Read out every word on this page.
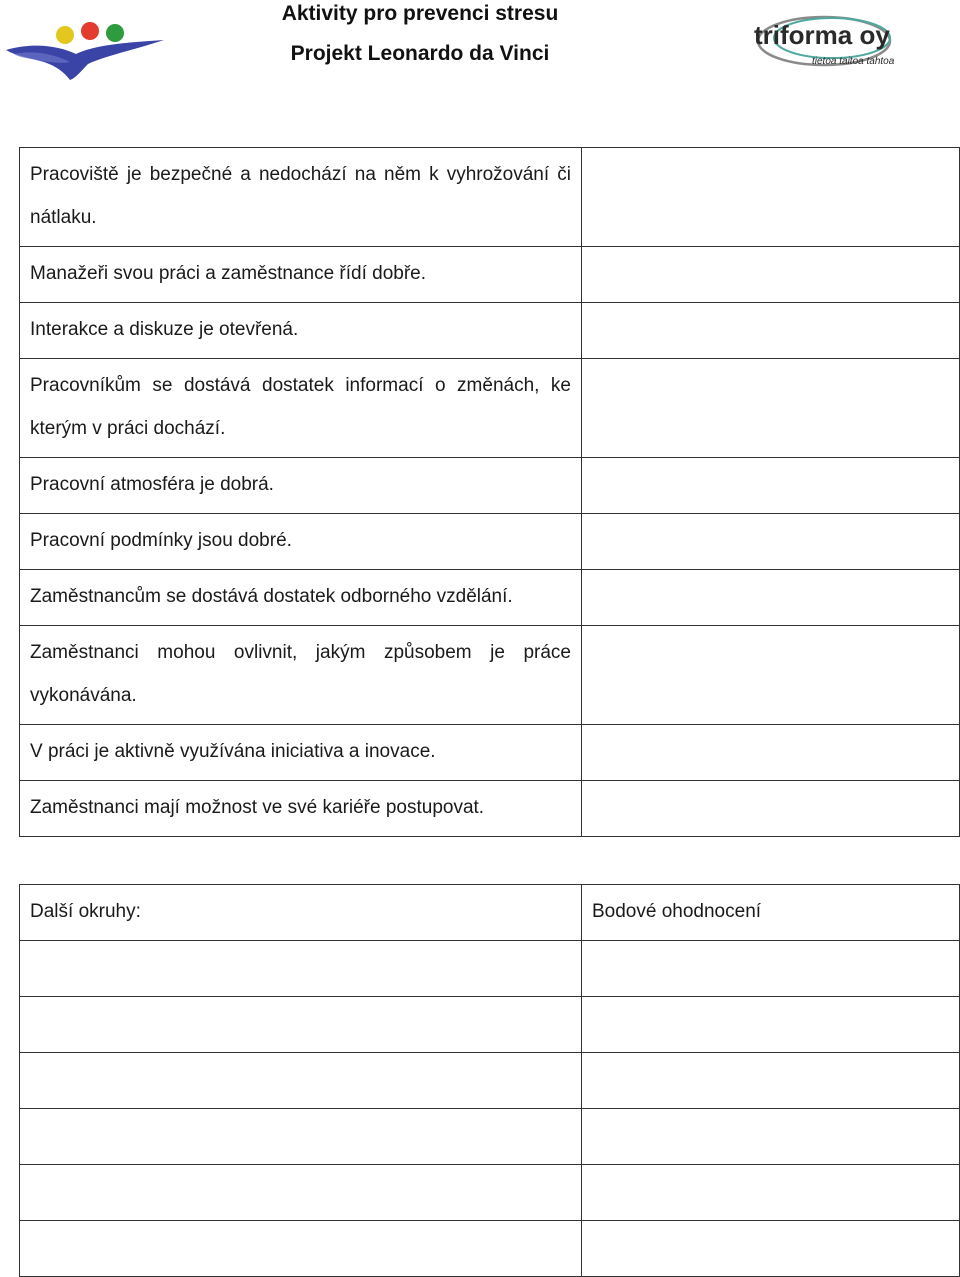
Aktivity pro prevenci stresu
Projekt Leonardo da Vinci
triforma oy
tietoa taitoa tahtoa
Pracoviště je bezpečné a nedochází na něm k vyhrožování či nátlaku.	
Manažeři svou práci a zaměstnance řídí dobře.	
Interakce a diskuze je otevřená.	
Pracovníkům se dostává dostatek informací o změnách, ke kterým v práci dochází.	
Pracovní atmosféra je dobrá.	
Pracovní podmínky jsou dobré.	
Zaměstnancům se dostává dostatek odborného vzdělání.	
Zaměstnanci mohou ovlivnit, jakým způsobem je práce vykonávána.	
V práci je aktivně využívána iniciativa a inovace.	
Zaměstnanci mají možnost ve své kariéře postupovat.	
Další okruhy:	Bodové ohodnocení
